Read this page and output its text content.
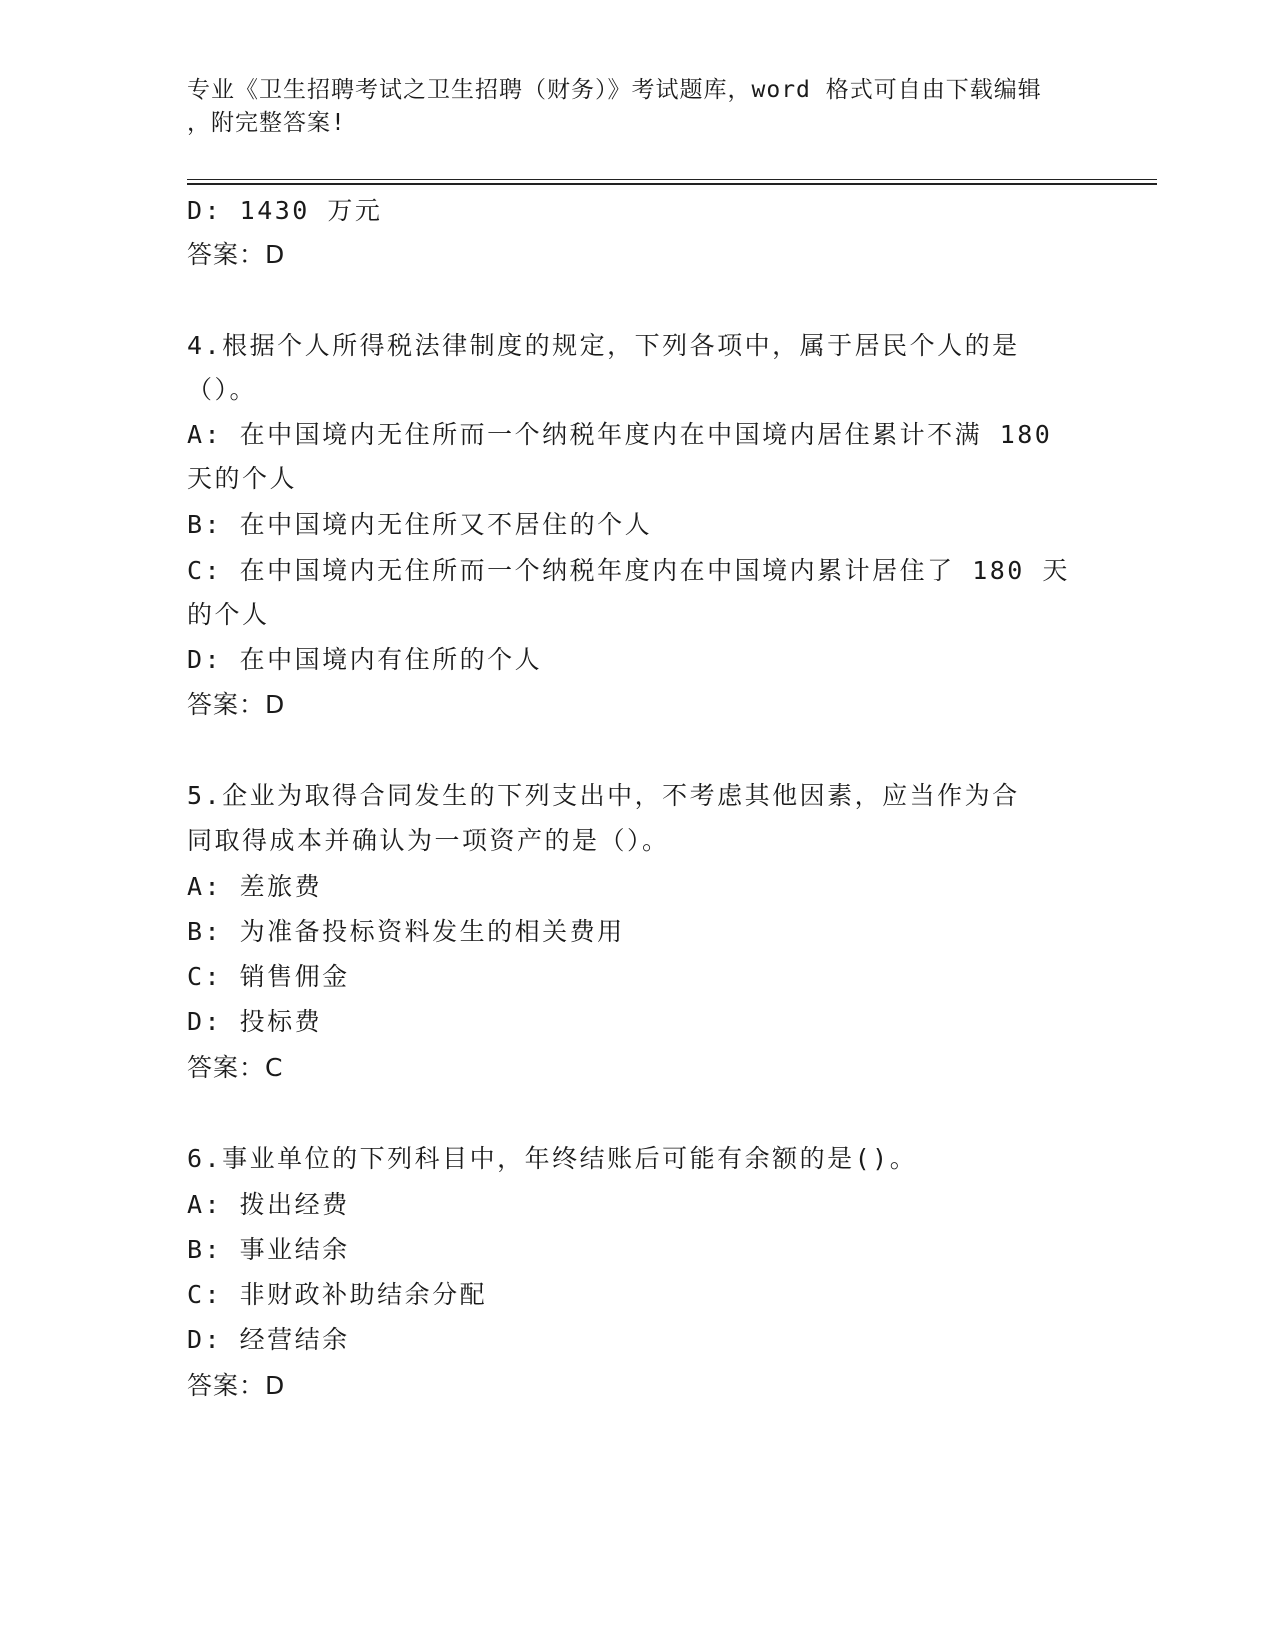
专业《卫生招聘考试之卫生招聘（财务）》考试题库，word 格式可自由下载编辑
，附完整答案!
D: 1430 万元
答案：D
4.根据个人所得税法律制度的规定，下列各项中，属于居民个人的是
（）。
A: 在中国境内无住所而一个纳税年度内在中国境内居住累计不满 180
天的个人
B: 在中国境内无住所又不居住的个人
C: 在中国境内无住所而一个纳税年度内在中国境内累计居住了 180 天
的个人
D: 在中国境内有住所的个人
答案：D
5.企业为取得合同发生的下列支出中，不考虑其他因素，应当作为合
同取得成本并确认为一项资产的是（）。
A: 差旅费
B: 为准备投标资料发生的相关费用
C: 销售佣金
D: 投标费
答案：C
6.事业单位的下列科目中，年终结账后可能有余额的是()。
A: 拨出经费
B: 事业结余
C: 非财政补助结余分配
D: 经营结余
答案：D
